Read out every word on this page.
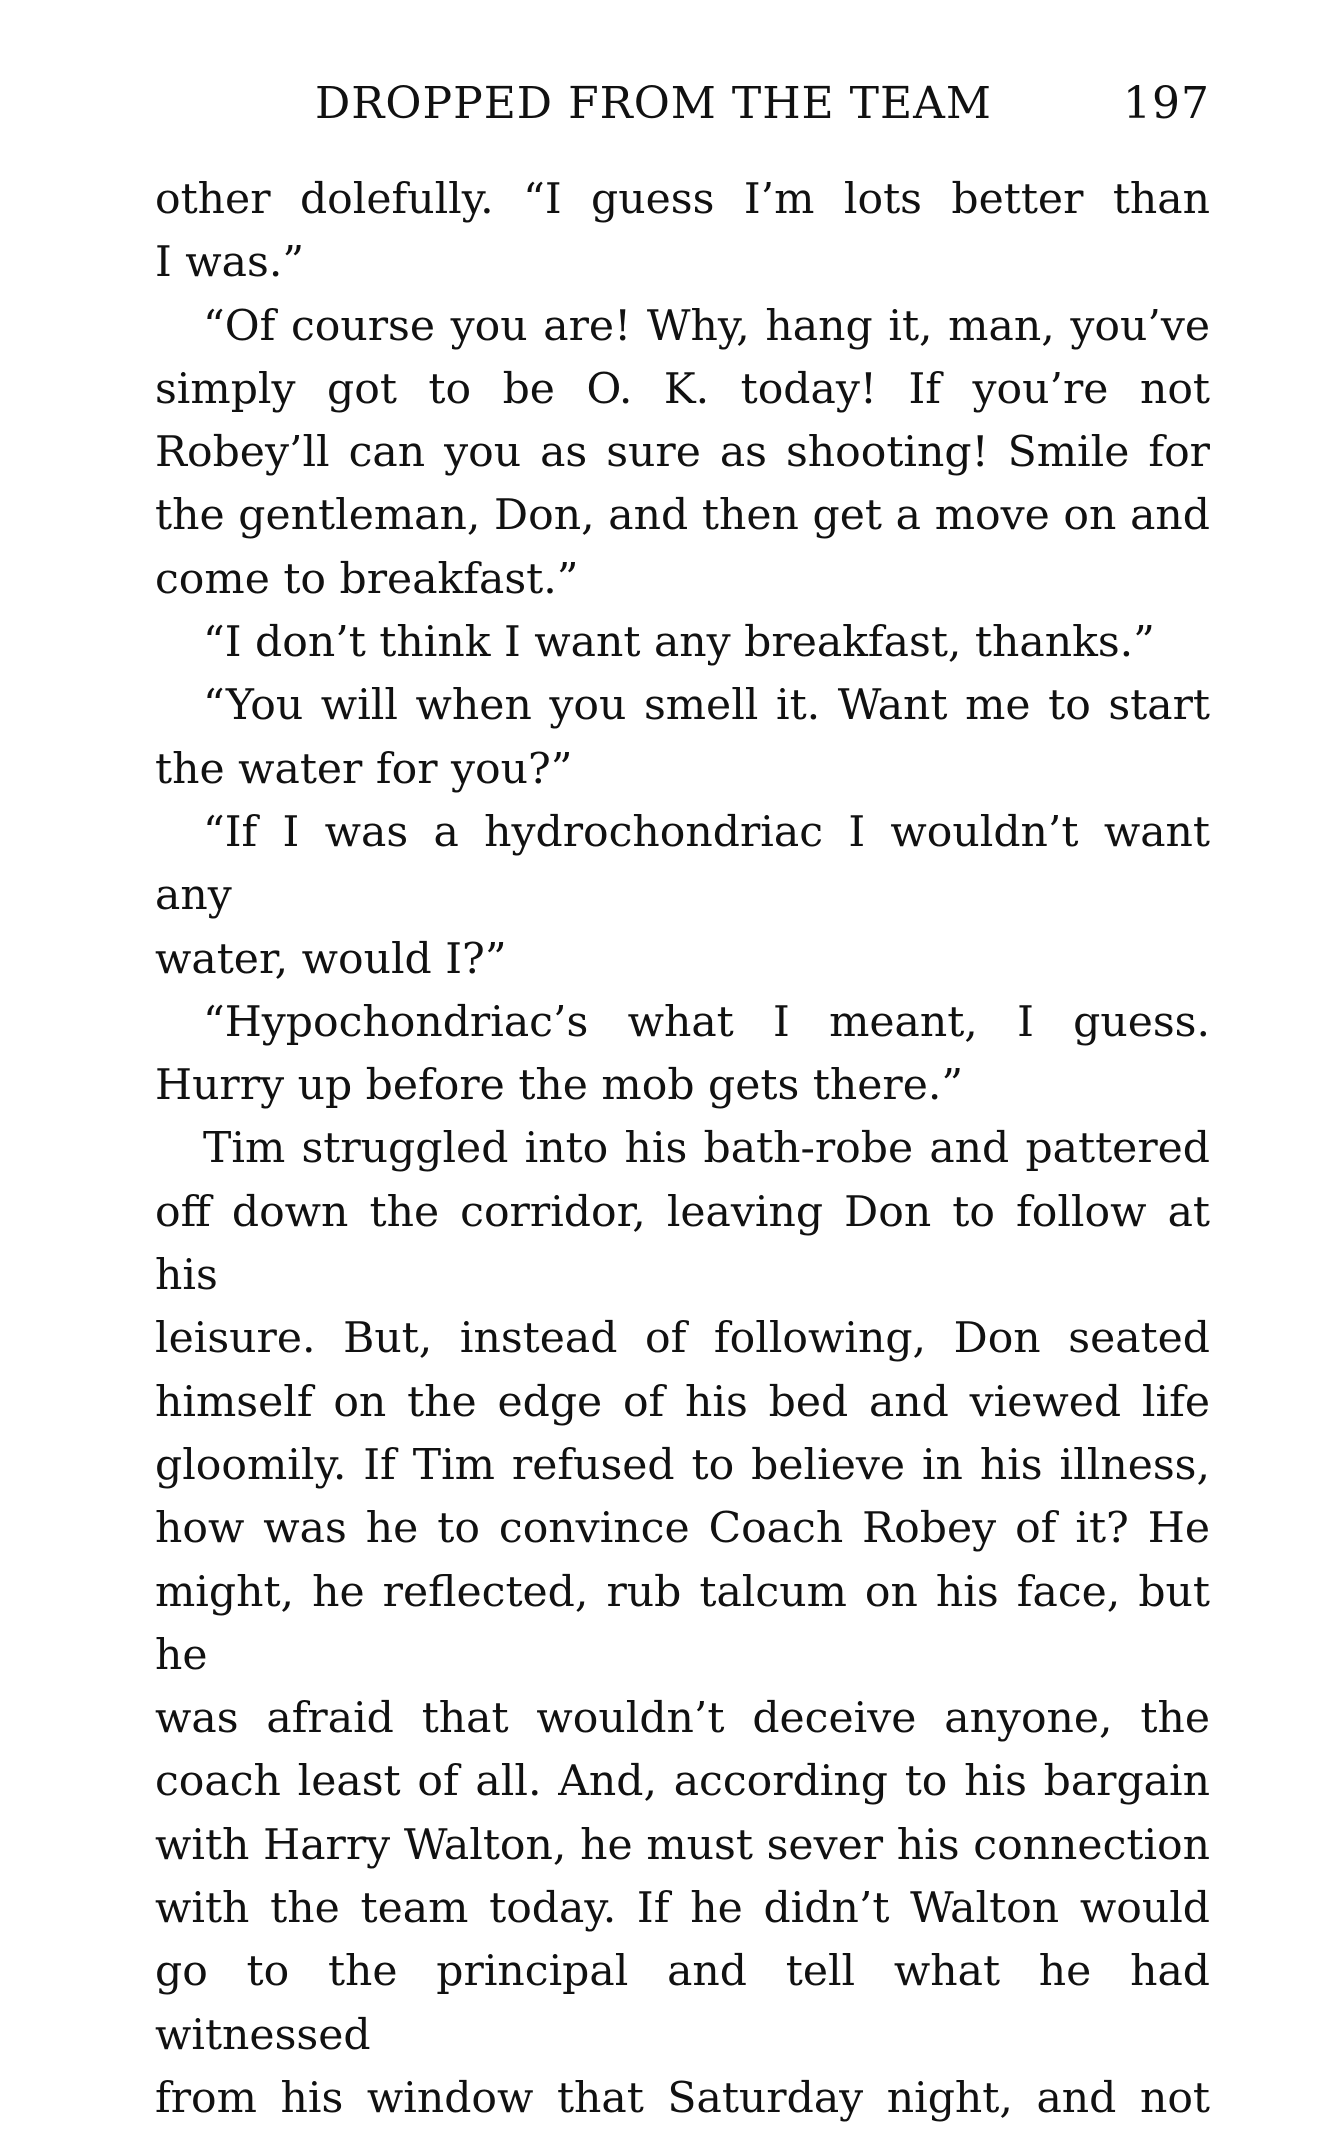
DROPPED FROM THE TEAM	197

other dolefully. “I guess I’m lots better than

I was.”

“Of course you are! Why, hang it, man, you’ve

simply got to be O. K. today! If you’re not

Robey’ll can you as sure as shooting! Smile for

the gentleman, Don, and then get a move on and

come to breakfast.”

“I don’t think I want any breakfast, thanks.”

“You will when you smell it. Want me to start

the water for you?”

“If I was a hydrochondriac I wouldn’t want any

water, would I?”

“Hypochondriac’s what I meant, I guess.

Hurry up before the mob gets there.”

Tim struggled into his bath-robe and pattered

off down the corridor, leaving Don to follow at his

leisure. But, instead of following, Don seated

himself on the edge of his bed and viewed life

gloomily. If Tim refused to believe in his illness,

how was he to convince Coach Robey of it? He

might, he reflected, rub talcum on his face, but he

was afraid that wouldn’t deceive anyone, the

coach least of all. And, according to his bargain

with Harry Walton, he must sever his connection

with the team today. If he didn’t Walton would

go to the principal and tell what he had witnessed

from his window that Saturday night, and not
